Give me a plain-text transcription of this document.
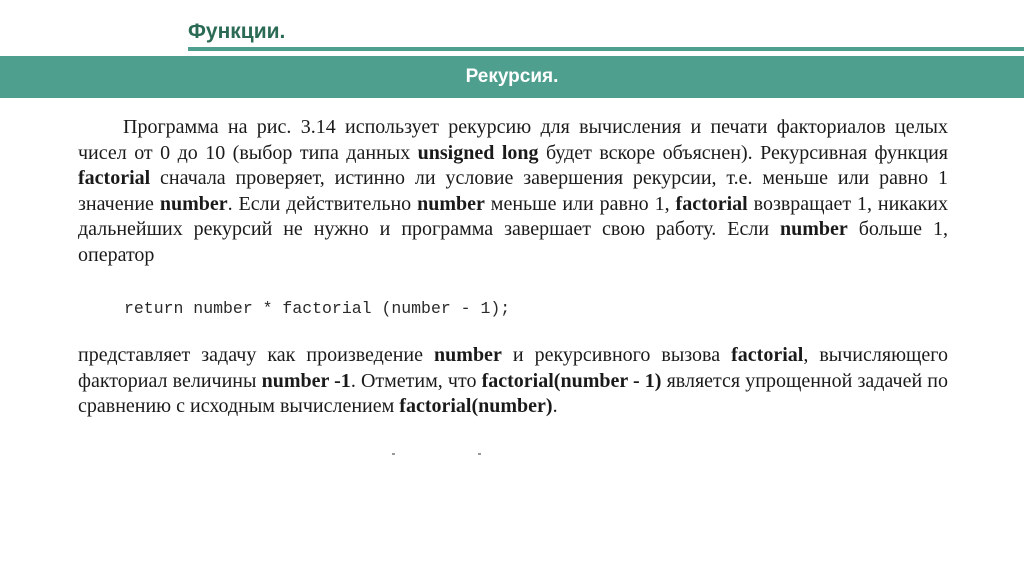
Функции.
Рекурсия.
Программа на рис. 3.14 использует рекурсию для вычисления и печати факториалов целых чисел от 0 до 10 (выбор типа данных unsigned long будет вскоре объяснен). Рекурсивная функция factorial сначала проверяет, истинно ли условие завершения рекурсии, т.е. меньше или равно 1 значение number. Если действительно number меньше или равно 1, factorial возвращает 1, никаких дальнейших рекурсий не нужно и программа завершает свою работу. Если number больше 1, оператор
return number * factorial (number - 1);
представляет задачу как произведение number и рекурсивного вызова factorial, вычисляющего факториал величины number -1. Отметим, что factorial(number - 1) является упрощенной задачей по сравнению с исходным вычислением factorial(number).
